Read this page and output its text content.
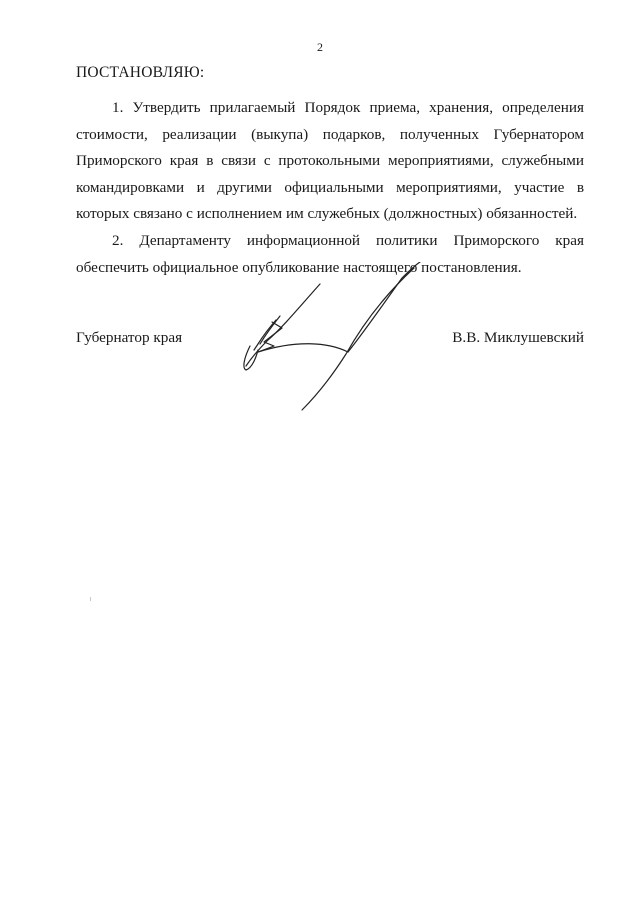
2
ПОСТАНОВЛЯЮ:
1. Утвердить прилагаемый Порядок приема, хранения, определения стоимости, реализации (выкупа) подарков, полученных Губернатором Приморского края в связи с протокольными мероприятиями, служебными командировками и другими официальными мероприятиями, участие в которых связано с исполнением им служебных (должностных) обязанностей.
2. Департаменту информационной политики Приморского края
обеспечить официальное опубликование настоящего постановления.
Губернатор края	В.В. Миклушевский
